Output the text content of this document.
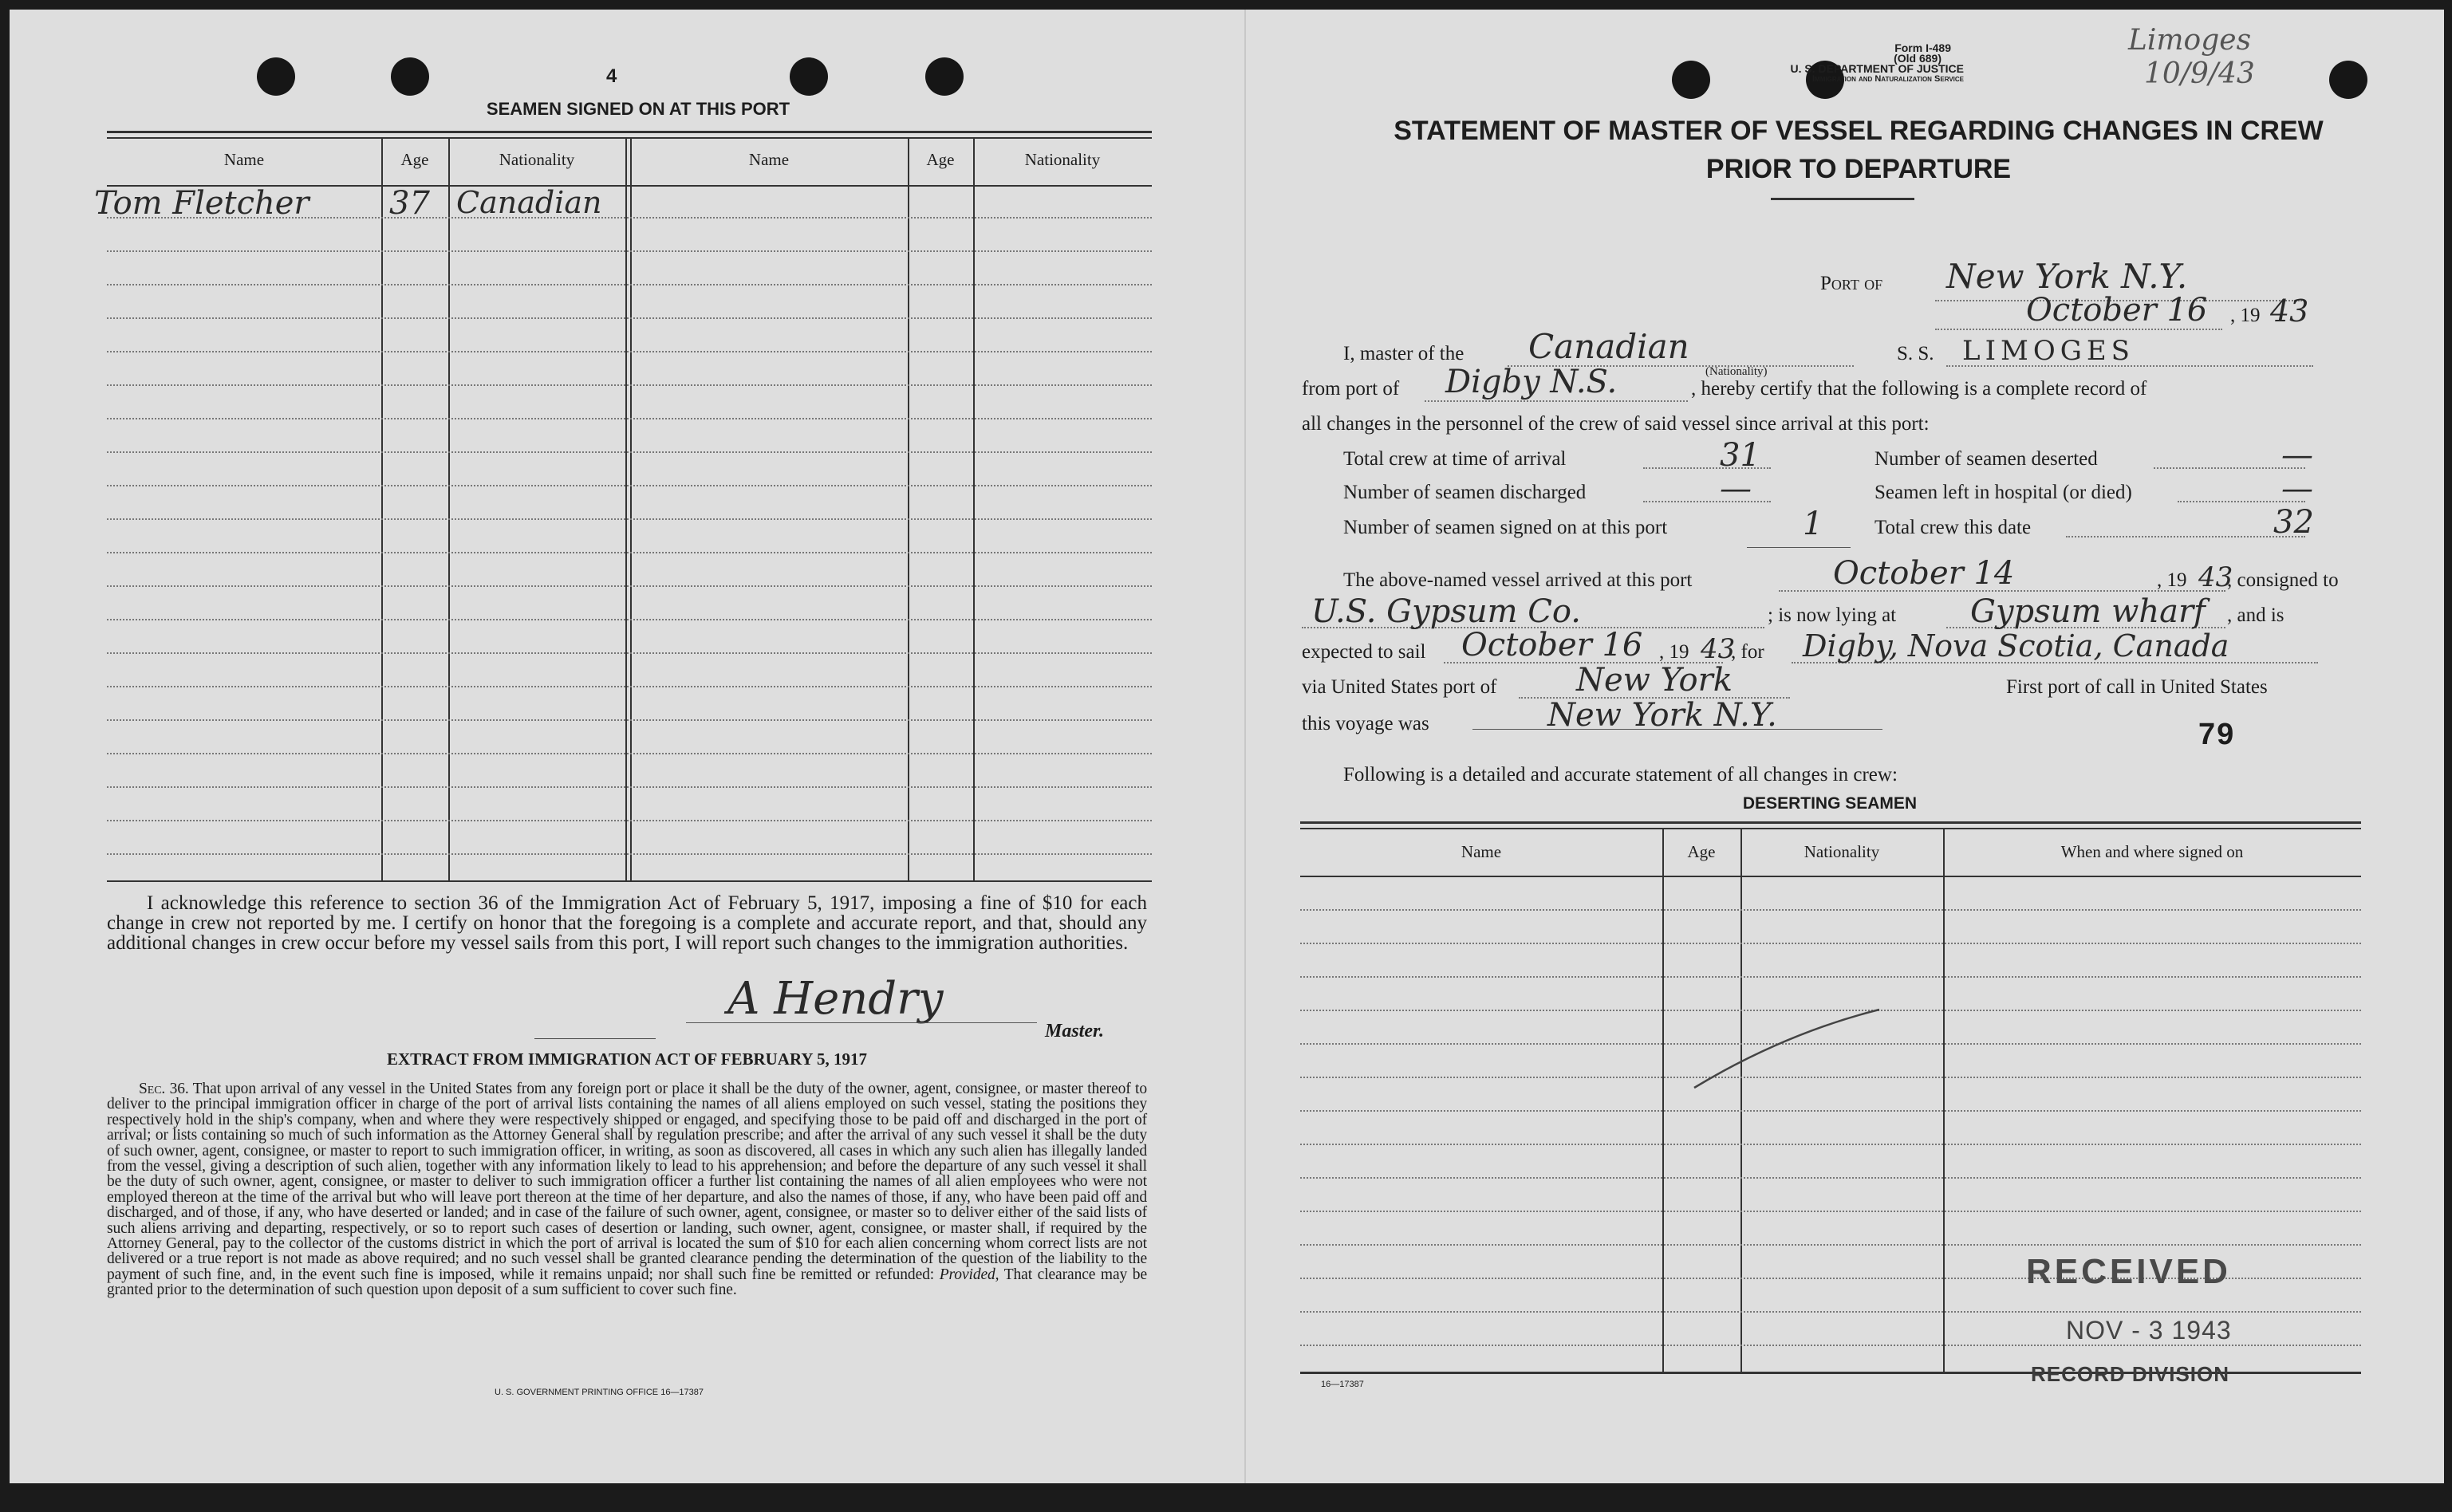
4
SEAMEN SIGNED ON AT THIS PORT
Name	Age	Nationality	Name	Age	Nationality
Tom Fletcher	37 Canadian
I acknowledge this reference to section 36 of the Immigration Act of February 5, 1917, imposing a fine of $10 for each change in crew not reported by me. I certify on honor that the foregoing is a complete and accurate report, and that, should any additional changes in crew occur before my vessel sails from this port, I will report such changes to the immigration authorities.
A Hendry
Master.
EXTRACT FROM IMMIGRATION ACT OF FEBRUARY 5, 1917
Sec. 36. That upon arrival of any vessel in the United States from any foreign port or place it shall be the duty of the owner, agent, consignee, or master thereof to deliver to the principal immigration officer in charge of the port of arrival lists containing the names of all aliens employed on such vessel, stating the positions they respectively hold in the ship's company, when and where they were respectively shipped or engaged, and specifying those to be paid off and discharged in the port of arrival; or lists containing so much of such information as the Attorney General shall by regulation prescribe; and after the arrival of any such vessel it shall be the duty of such owner, agent, consignee, or master to report to such immigration officer, in writing, as soon as discovered, all cases in which any such alien has illegally landed from the vessel, giving a description of such alien, together with any information likely to lead to his apprehension; and before the departure of any such vessel it shall be the duty of such owner, agent, consignee, or master to deliver to such immigration officer a further list containing the names of all alien employees who were not employed thereon at the time of the arrival but who will leave port thereon at the time of her departure, and also the names of those, if any, who have been paid off and discharged, and of those, if any, who have deserted or landed; and in case of the failure of such owner, agent, consignee, or master so to deliver either of the said lists of such aliens arriving and departing, respectively, or so to report such cases of desertion or landing, such owner, agent, consignee, or master shall, if required by the Attorney General, pay to the collector of the customs district in which the port of arrival is located the sum of $10 for each alien concerning whom correct lists are not delivered or a true report is not made as above required; and no such vessel shall be granted clearance pending the determination of the question of the liability to the payment of such fine, and, in the event such fine is imposed, while it remains unpaid; nor shall such fine be remitted or refunded: Provided, That clearance may be granted prior to the determination of such question upon deposit of a sum sufficient to cover such fine.
U. S. GOVERNMENT PRINTING OFFICE 16—17387
Form I-489
(Old 689)
U. S. DEPARTMENT OF JUSTICE
Immigration and Naturalization Service
STATEMENT OF MASTER OF VESSEL REGARDING CHANGES IN CREW
PRIOR TO DEPARTURE
Limoges
10/9/43
Port of New York N.Y.
October 16 , 19 43
I, master of the Canadian
(Nationality)
S. S. LIMOGES
from port of Digby N.S.	, hereby certify that the following is a complete record of
all changes in the personnel of the crew of said vessel since arrival at this port:
Total crew at time of arrival	31
Number of seamen discharged	—
Number of seamen signed on at this port	1
Number of seamen deserted	—
Seamen left in hospital (or died)	—
Total crew this date	32
The above-named vessel arrived at this port	October 14	, 19 43
, consigned to
U.S. Gypsum Co.	; is now lying at Gypsum wharf , and is
expected to sail October 16 , 19 43
, for Digby, Nova Scotia, Canada
via United States port of New York	First port of call in United States
this voyage was	New York N.Y.
79
Following is a detailed and accurate statement of all changes in crew:
DESERTING SEAMEN
Name	Age	Nationality	When and where signed on
RECEIVED
NOV - 3 1943
RECORD DIVISION
16—17387
